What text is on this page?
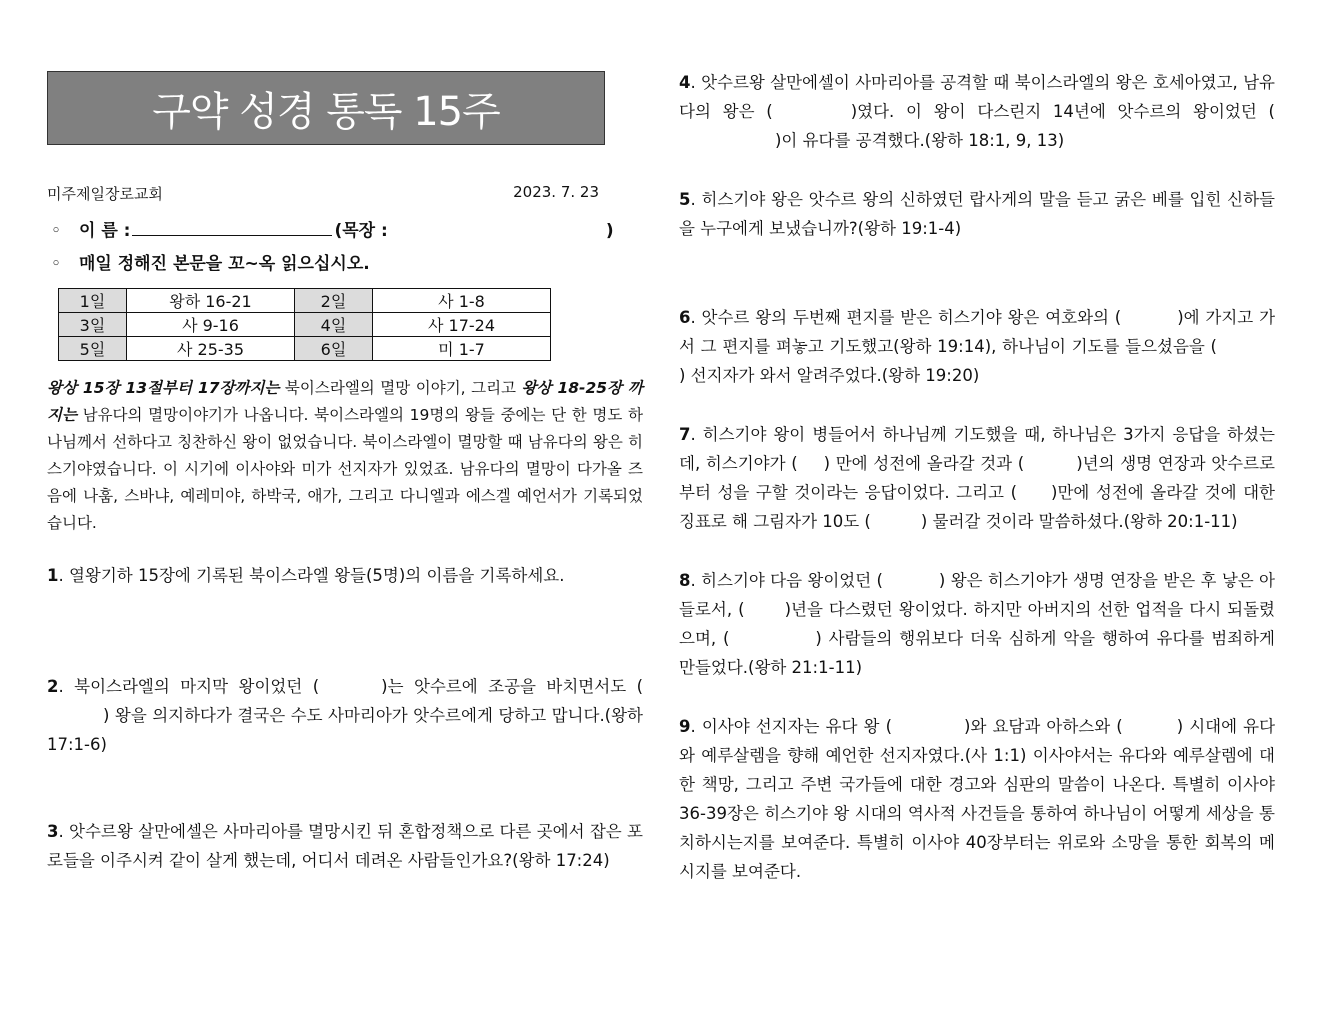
구약 성경 통독 15주
미주제일장로교회	2023. 7. 23
◦	이 름 :	(목장 :	)
◦ 매일 정해진 본문을 꼬~옥 읽으십시오.
1일	왕하 16-21	2일	사 1-8
3일	사 9-16	4일	사 17-24
5일	사 25-35	6일	미 1-7
왕상 15장 13절부터 17장까지는 북이스라엘의 멸망 이야기, 그리고 왕상 18-25장 까지는 남유다의 멸망이야기가 나옵니다. 북이스라엘의 19명의 왕들 중에는 단 한 명도 하나님께서 선하다고 칭찬하신 왕이 없었습니다. 북이스라엘이 멸망할 때 남유다의 왕은 히스기야였습니다. 이 시기에 이사야와 미가 선지자가 있었죠. 남유다의 멸망이 다가올 즈음에 나훔, 스바냐, 예레미야, 하박국, 애가, 그리고 다니엘과 에스겔 예언서가 기록되었습니다.
1. 열왕기하 15장에 기록된 북이스라엘 왕들(5명)의 이름을 기록하세요.
2. 북이스라엘의 마지막 왕이었던 (	)는 앗수르에 조공을 바치면서도 () 왕을 의지하다가 결국은 수도 사마리아가 앗수르에게 당하고 맙니다.(왕하 17:1-6)
3. 앗수르왕 살만에셀은 사마리아를 멸망시킨 뒤 혼합정책으로 다른 곳에서 잡은 포로들을 이주시켜 같이 살게 했는데, 어디서 데려온 사람들인가요?(왕하 17:24)
4. 앗수르왕 살만에셀이 사마리아를 공격할 때 북이스라엘의 왕은 호세아였고, 남유다의 왕은 (	)였다. 이 왕이 다스린지 14년에 앗수르의 왕이었던 ()이 유다를 공격했다.(왕하 18:1, 9, 13)
5. 히스기야 왕은 앗수르 왕의 신하였던 랍사게의 말을 듣고 굵은 베를 입힌 신하들을 누구에게 보냈습니까?(왕하 19:1-4)
6. 앗수르 왕의 두번째 편지를 받은 히스기야 왕은 여호와의 (	)에 가지고 가서 그 편지를 펴놓고 기도했고(왕하 19:14), 하나님이 기도를 들으셨음을 () 선지자가 와서 알려주었다.(왕하 19:20)
7. 히스기야 왕이 병들어서 하나님께 기도했을 때, 하나님은 3가지 응답을 하셨는데, 히스기야가 ( ) 만에 성전에 올라갈 것과 (	)년의 생명 연장과 앗수르로부터 성을 구할 것이라는 응답이었다. 그리고 ( )만에 성전에 올라갈 것에 대한 징표로 해 그림자가 10도 (	) 물러갈 것이라 말씀하셨다.(왕하 20:1-11)
8. 히스기야 다음 왕이었던 (	) 왕은 히스기야가 생명 연장을 받은 후 낳은 아들로서, ( )년을 다스렸던 왕이었다. 하지만 아버지의 선한 업적을 다시 되돌렸으며, (	) 사람들의 행위보다 더욱 심하게 악을 행하여 유다를 범죄하게 만들었다.(왕하 21:1-11)
9. 이사야 선지자는 유다 왕 (	)와 요담과 아하스와 (	) 시대에 유다와 예루살렘을 향해 예언한 선지자였다.(사 1:1) 이사야서는 유다와 예루살렘에 대한 책망, 그리고 주변 국가들에 대한 경고와 심판의 말씀이 나온다. 특별히 이사야 36-39장은 히스기야 왕 시대의 역사적 사건들을 통하여 하나님이 어떻게 세상을 통치하시는지를 보여준다. 특별히 이사야 40장부터는 위로와 소망을 통한 회복의 메시지를 보여준다.
